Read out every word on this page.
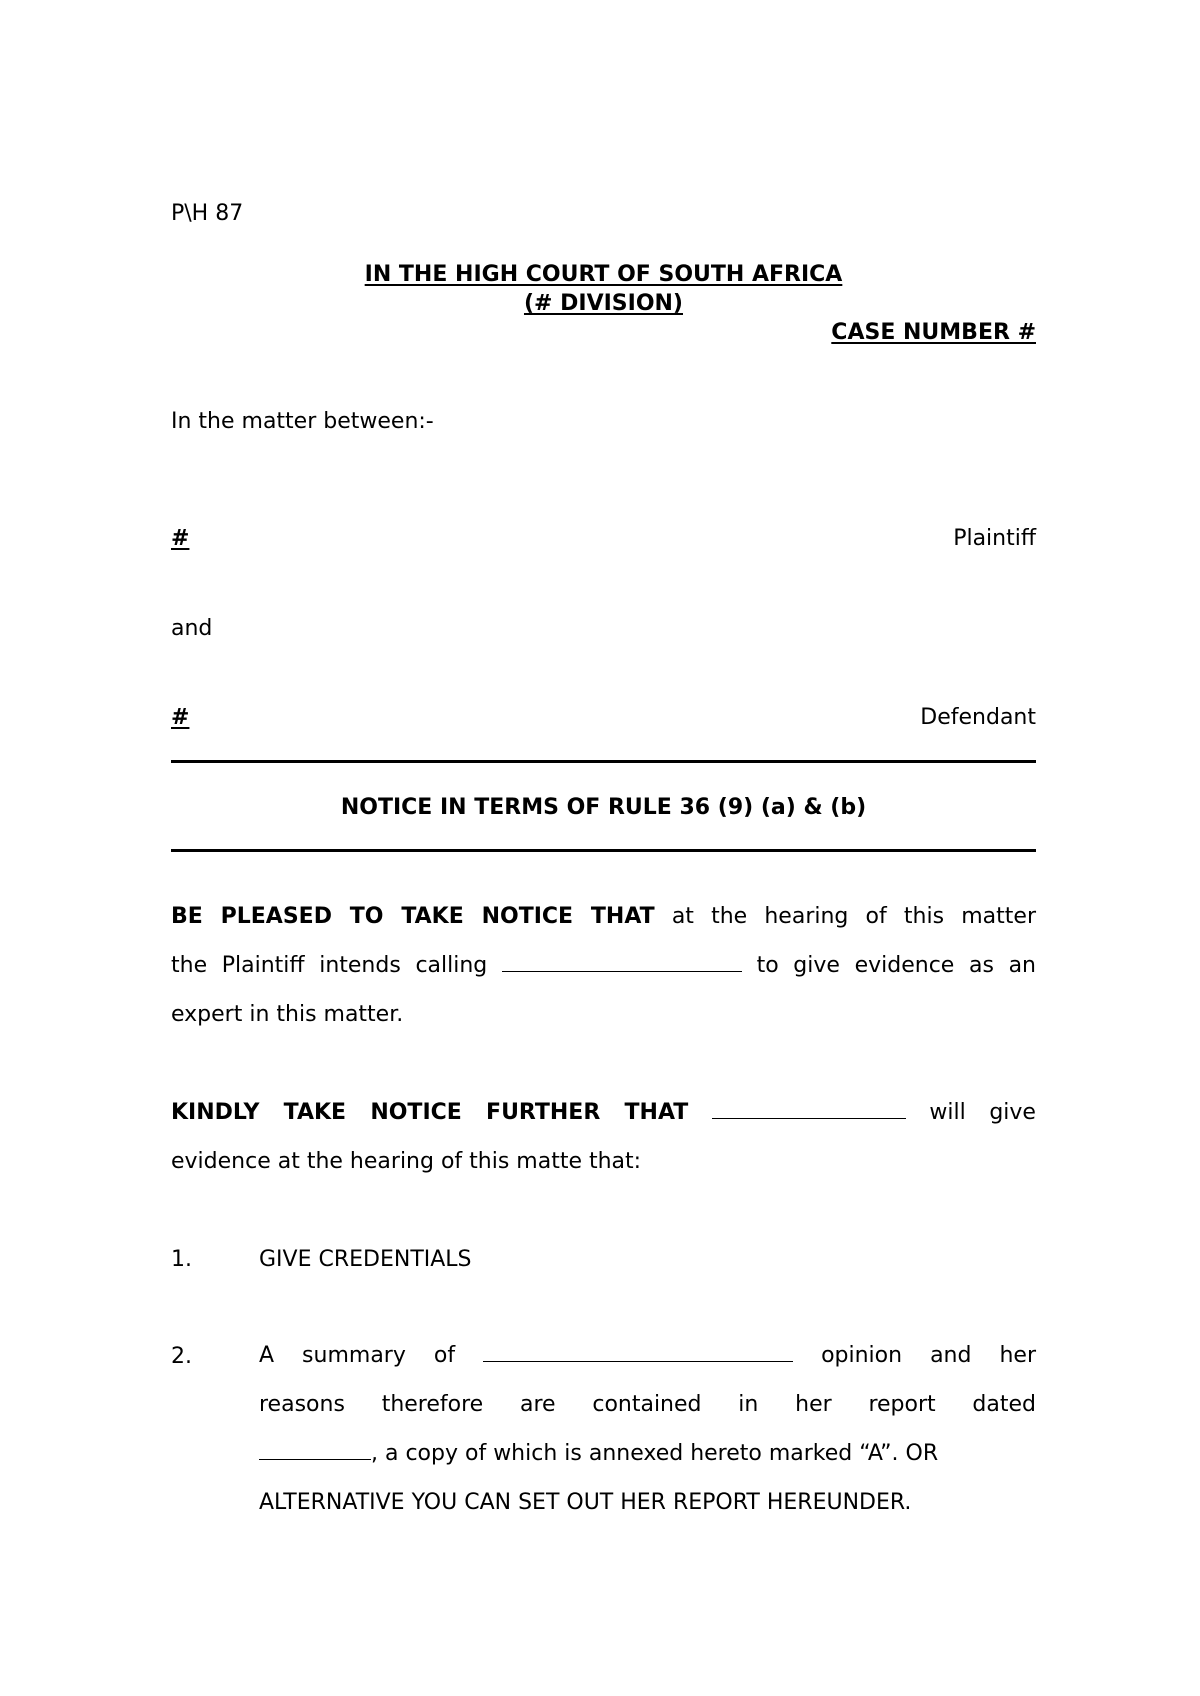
P\H 87
IN THE HIGH COURT OF SOUTH AFRICA
(# DIVISION)
CASE NUMBER #
In the matter between:-
#	Plaintiff
and
#	Defendant
NOTICE IN TERMS OF RULE 36 (9) (a) & (b)
BE PLEASED TO TAKE NOTICE THAT at the hearing of this matter
the Plaintiff intends calling	to give evidence as an
expert in this matter.
KINDLY TAKE NOTICE FURTHER THAT	will give
evidence at the hearing of this matte that:
1.	GIVE CREDENTIALS
2.	A summary of	opinion and her
reasons therefore are contained in her report dated
, a copy of which is annexed hereto marked “A”. OR
ALTERNATIVE YOU CAN SET OUT HER REPORT HEREUNDER.
